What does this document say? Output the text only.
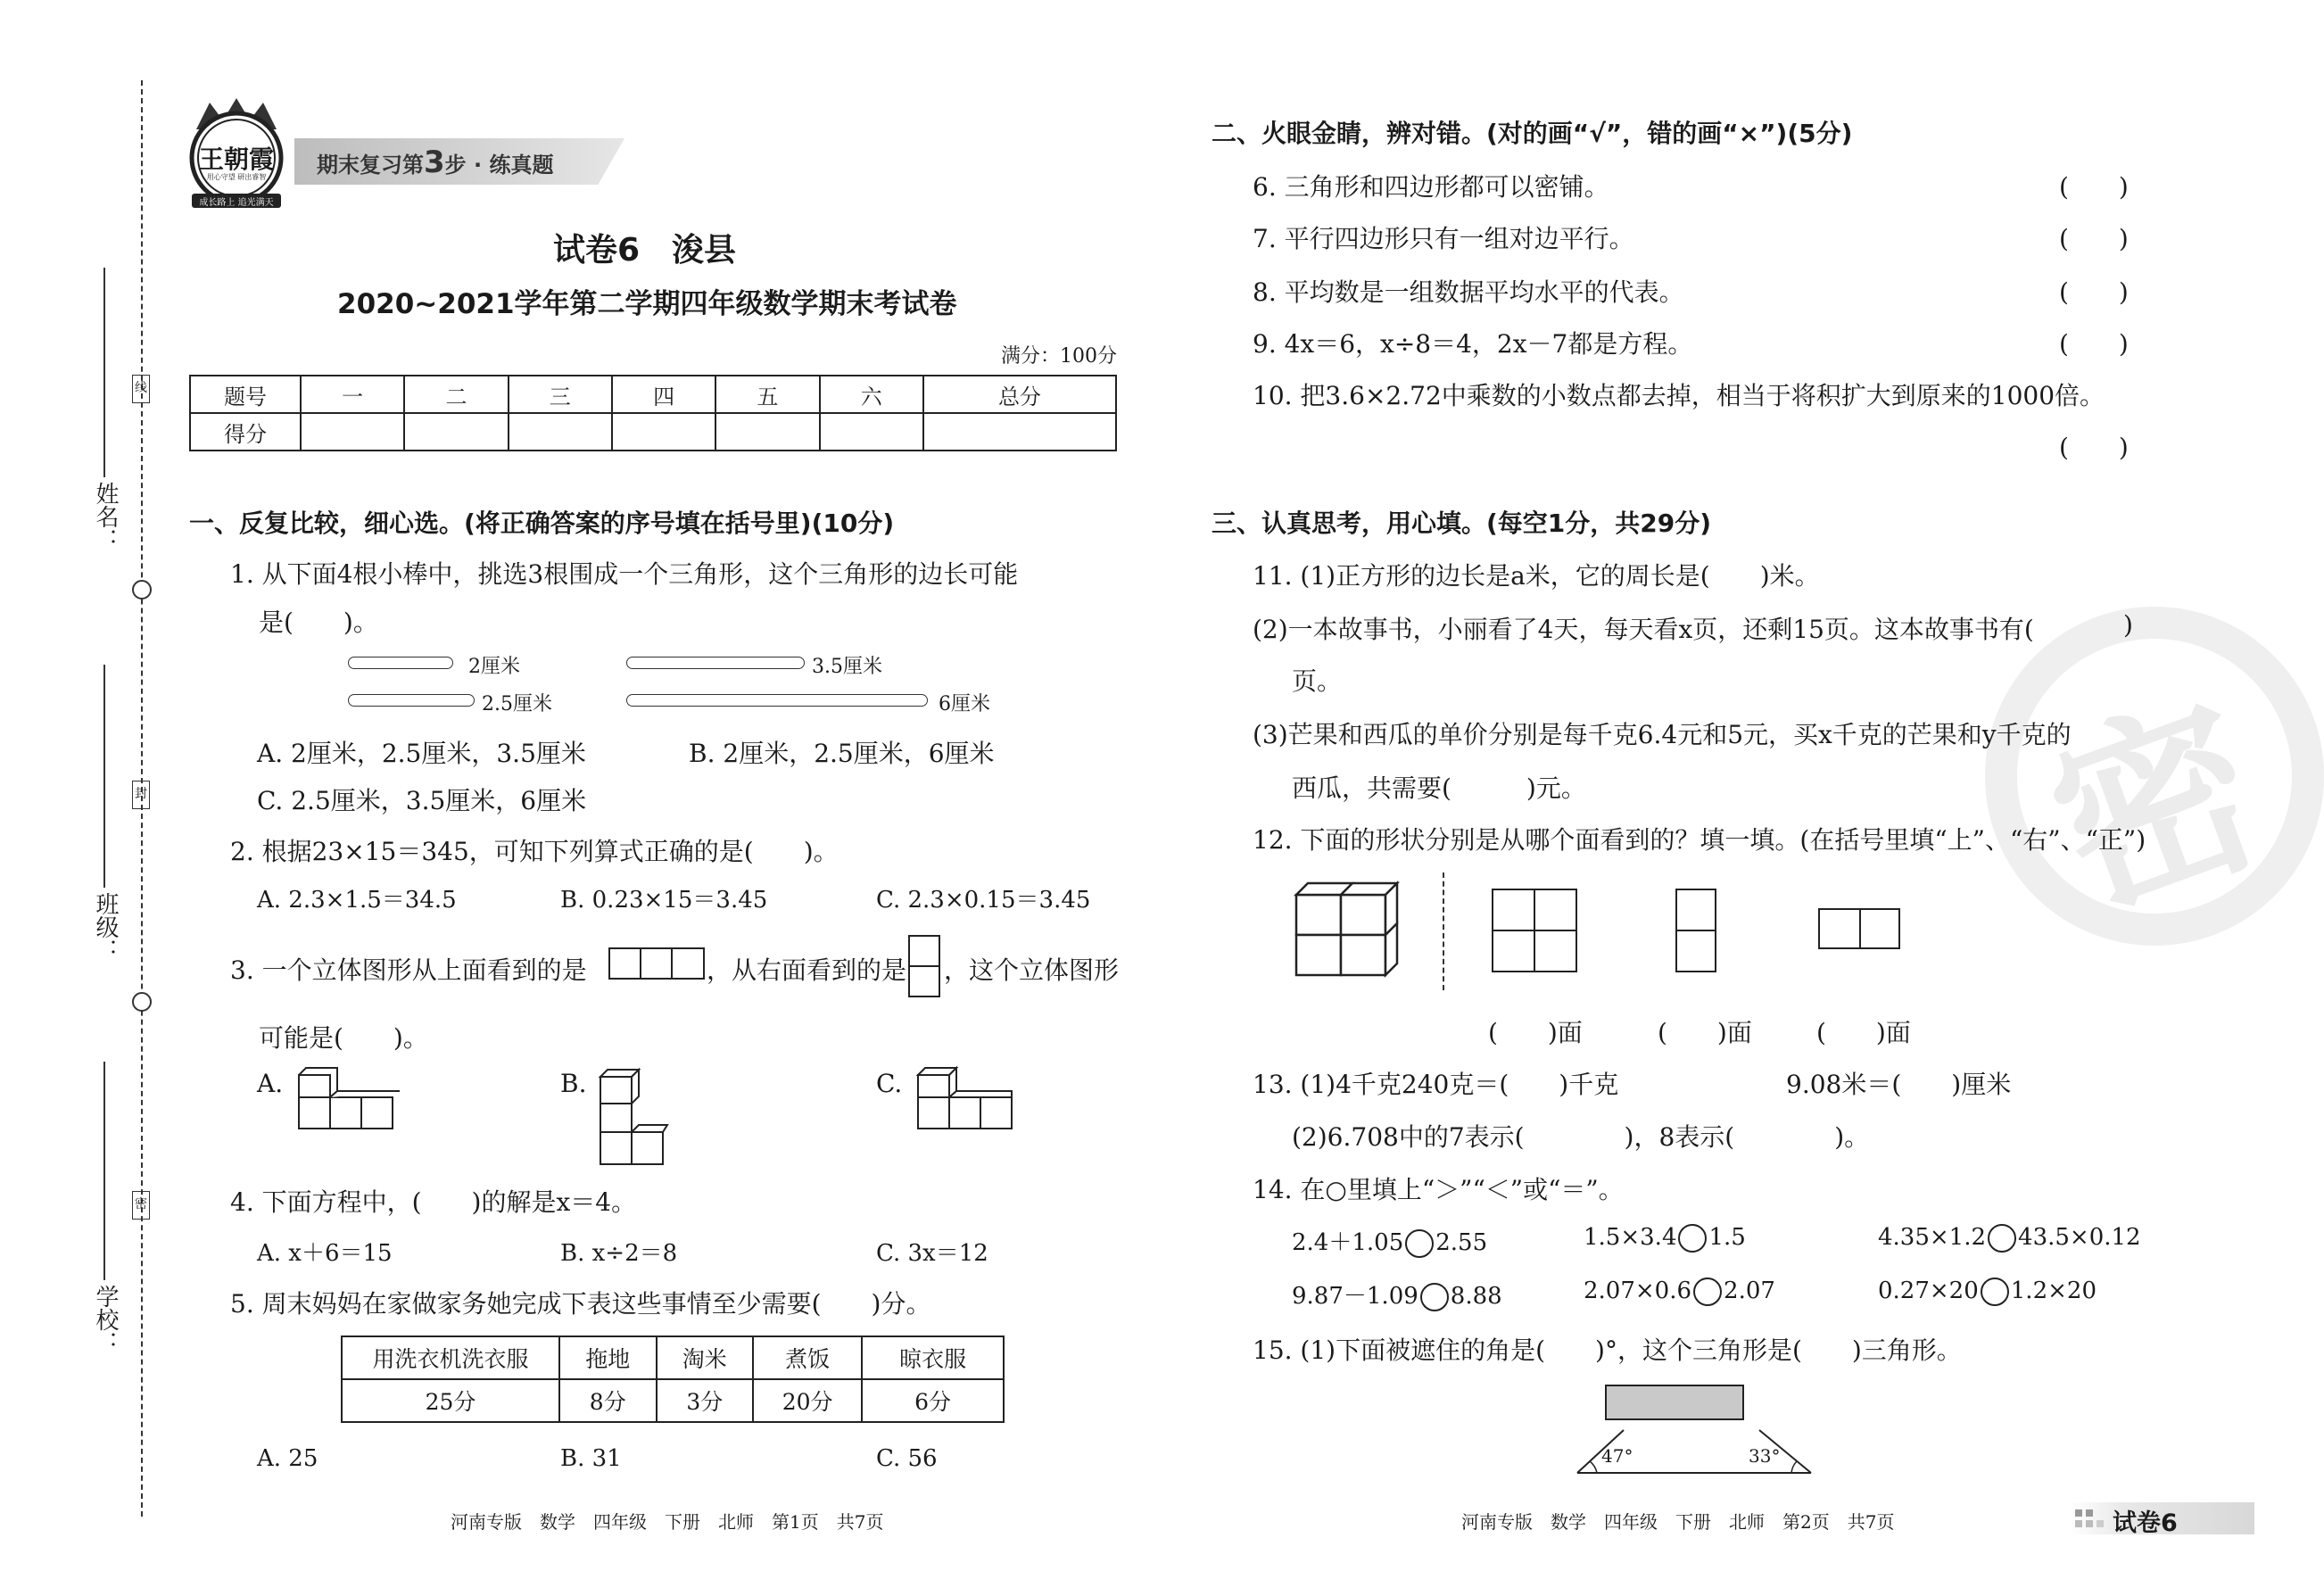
姓名：
班级：
学校：
线
封
密
王朝霞
用心守望 研出睿智
成长路上 追光满天
期末复习第3步 · 练真题
试卷6　浚县
2020~2021学年第二学期四年级数学期末考试卷
满分：100分
题号	一	二	三	四	五	六	总分
得分							
一、反复比较，细心选。(将正确答案的序号填在括号里)(10分)
1. 从下面4根小棒中，挑选3根围成一个三角形，这个三角形的边长可能
是(　　)。
2厘米	3.5厘米
2.5厘米	6厘米
A. 2厘米，2.5厘米，3.5厘米	B. 2厘米，2.5厘米，6厘米
C. 2.5厘米，3.5厘米，6厘米
2. 根据23×15＝345，可知下列算式正确的是(　　)。
A. 2.3×1.5＝34.5	B. 0.23×15＝3.45	C. 2.3×0.15＝3.45
3. 一个立体图形从上面看到的是	，从右面看到的是 ，这个立体图形
可能是(　　)。
A.	B.	C.
4. 下面方程中，(　　)的解是x＝4。
A. x＋6＝15	B. x÷2＝8	C. 3x＝12
5. 周末妈妈在家做家务她完成下表这些事情至少需要(　　)分。
用洗衣机洗衣服	拖地	淘米	煮饭	晾衣服
25分	8分	3分	20分	6分
A. 25	B. 31	C. 56
河南专版　数学　四年级　下册　北师　第1页　共7页
密
二、火眼金睛，辨对错。(对的画“√”，错的画“×”)(5分)
6. 三角形和四边形都可以密铺。	(　　)
7. 平行四边形只有一组对边平行。	(　　)
8. 平均数是一组数据平均水平的代表。	(　　)
9. 4x＝6，x÷8＝4，2x－7都是方程。	(　　)
10. 把3.6×2.72中乘数的小数点都去掉，相当于将积扩大到原来的1000倍。
(　　)
三、认真思考，用心填。(每空1分，共29分)
11. (1)正方形的边长是a米，它的周长是(　　)米。
(2)一本故事书，小丽看了4天，每天看x页，还剩15页。这本故事书有(	)
页。
(3)芒果和西瓜的单价分别是每千克6.4元和5元，买x千克的芒果和y千克的
西瓜，共需要(　　　)元。
12. 下面的形状分别是从哪个面看到的？填一填。(在括号里填“上”、“右”、“正”)
(　　)面	(　　)面	(　　)面
13. (1)4千克240克＝(　　)千克	9.08米＝(　　)厘米
(2)6.708中的7表示(　　　　)，8表示(　　　　)。
14. 在○里填上“＞”“＜”或“＝”。
2.4＋1.05 2.55	1.5×3.4 1.5	4.35×1.2 43.5×0.12
9.87－1.09 8.88	2.07×0.6 2.07	0.27×20 1.2×20
15. (1)下面被遮住的角是(　　)°，这个三角形是(　　)三角形。
47°	33°
河南专版　数学　四年级　下册　北师　第2页　共7页	试卷6
